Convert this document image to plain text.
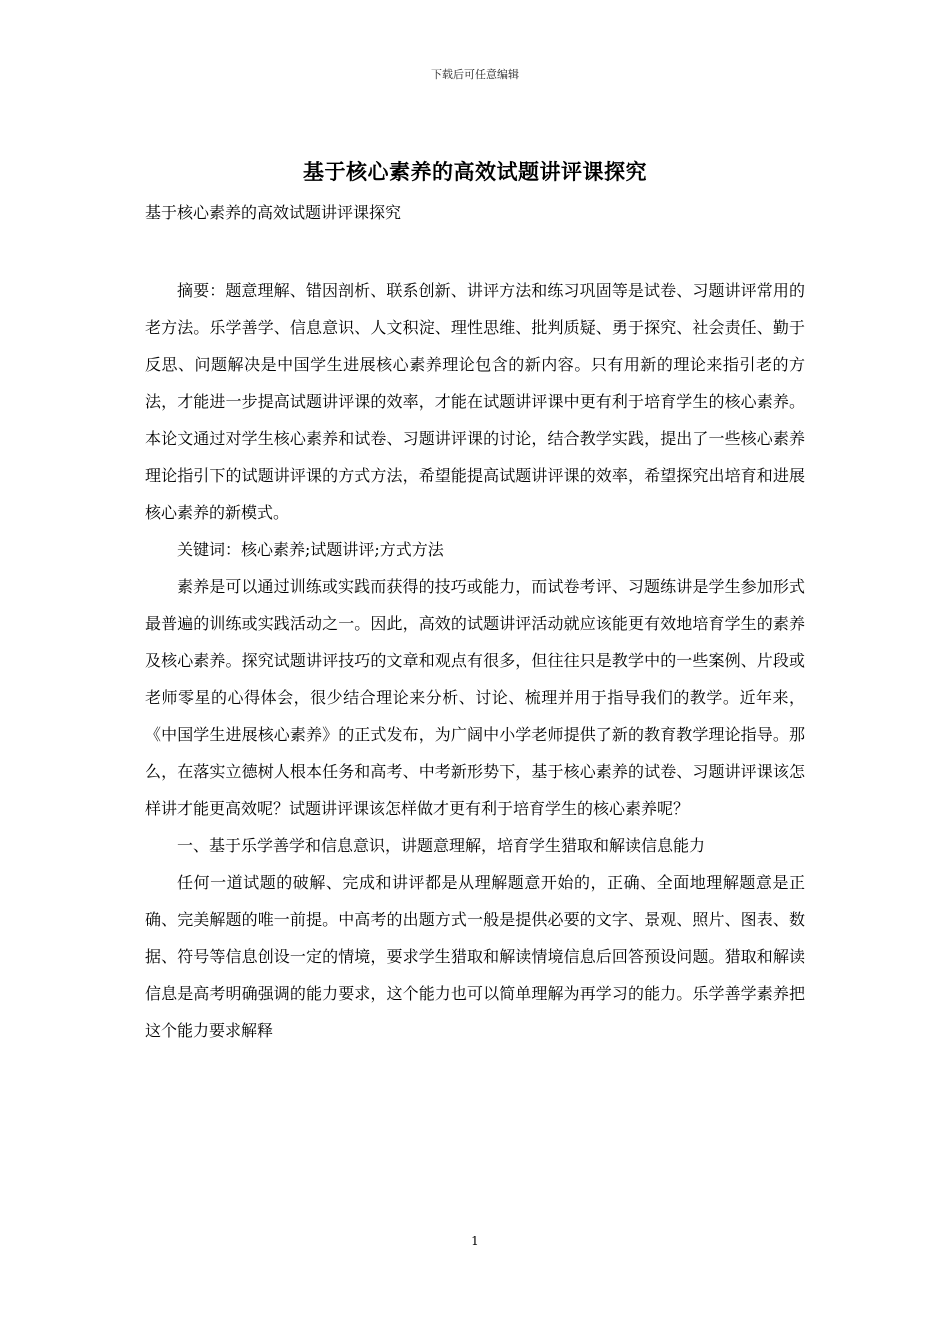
下载后可任意编辑
基于核心素养的高效试题讲评课探究
基于核心素养的高效试题讲评课探究

摘要：题意理解、错因剖析、联系创新、讲评方法和练习巩固等是试卷、习题讲评常用的老方法。乐学善学、信息意识、人文积淀、理性思维、批判质疑、勇于探究、社会责任、勤于反思、问题解决是中国学生进展核心素养理论包含的新内容。只有用新的理论来指引老的方法，才能进一步提高试题讲评课的效率，才能在试题讲评课中更有利于培育学生的核心素养。本论文通过对学生核心素养和试卷、习题讲评课的讨论，结合教学实践，提出了一些核心素养理论指引下的试题讲评课的方式方法，希望能提高试题讲评课的效率，希望探究出培育和进展核心素养的新模式。

关键词：核心素养;试题讲评;方式方法

素养是可以通过训练或实践而获得的技巧或能力，而试卷考评、习题练讲是学生参加形式最普遍的训练或实践活动之一。因此，高效的试题讲评活动就应该能更有效地培育学生的素养及核心素养。探究试题讲评技巧的文章和观点有很多，但往往只是教学中的一些案例、片段或老师零星的心得体会，很少结合理论来分析、讨论、梳理并用于指导我们的教学。近年来，《中国学生进展核心素养》的正式发布，为广阔中小学老师提供了新的教育教学理论指导。那么，在落实立德树人根本任务和高考、中考新形势下，基于核心素养的试卷、习题讲评课该怎样讲才能更高效呢？试题讲评课该怎样做才更有利于培育学生的核心素养呢？

一、基于乐学善学和信息意识，讲题意理解，培育学生猎取和解读信息能力

任何一道试题的破解、完成和讲评都是从理解题意开始的，正确、全面地理解题意是正确、完美解题的唯一前提。中高考的出题方式一般是提供必要的文字、景观、照片、图表、数据、符号等信息创设一定的情境，要求学生猎取和解读情境信息后回答预设问题。猎取和解读信息是高考明确强调的能力要求，这个能力也可以简单理解为再学习的能力。乐学善学素养把这个能力要求解释

1
